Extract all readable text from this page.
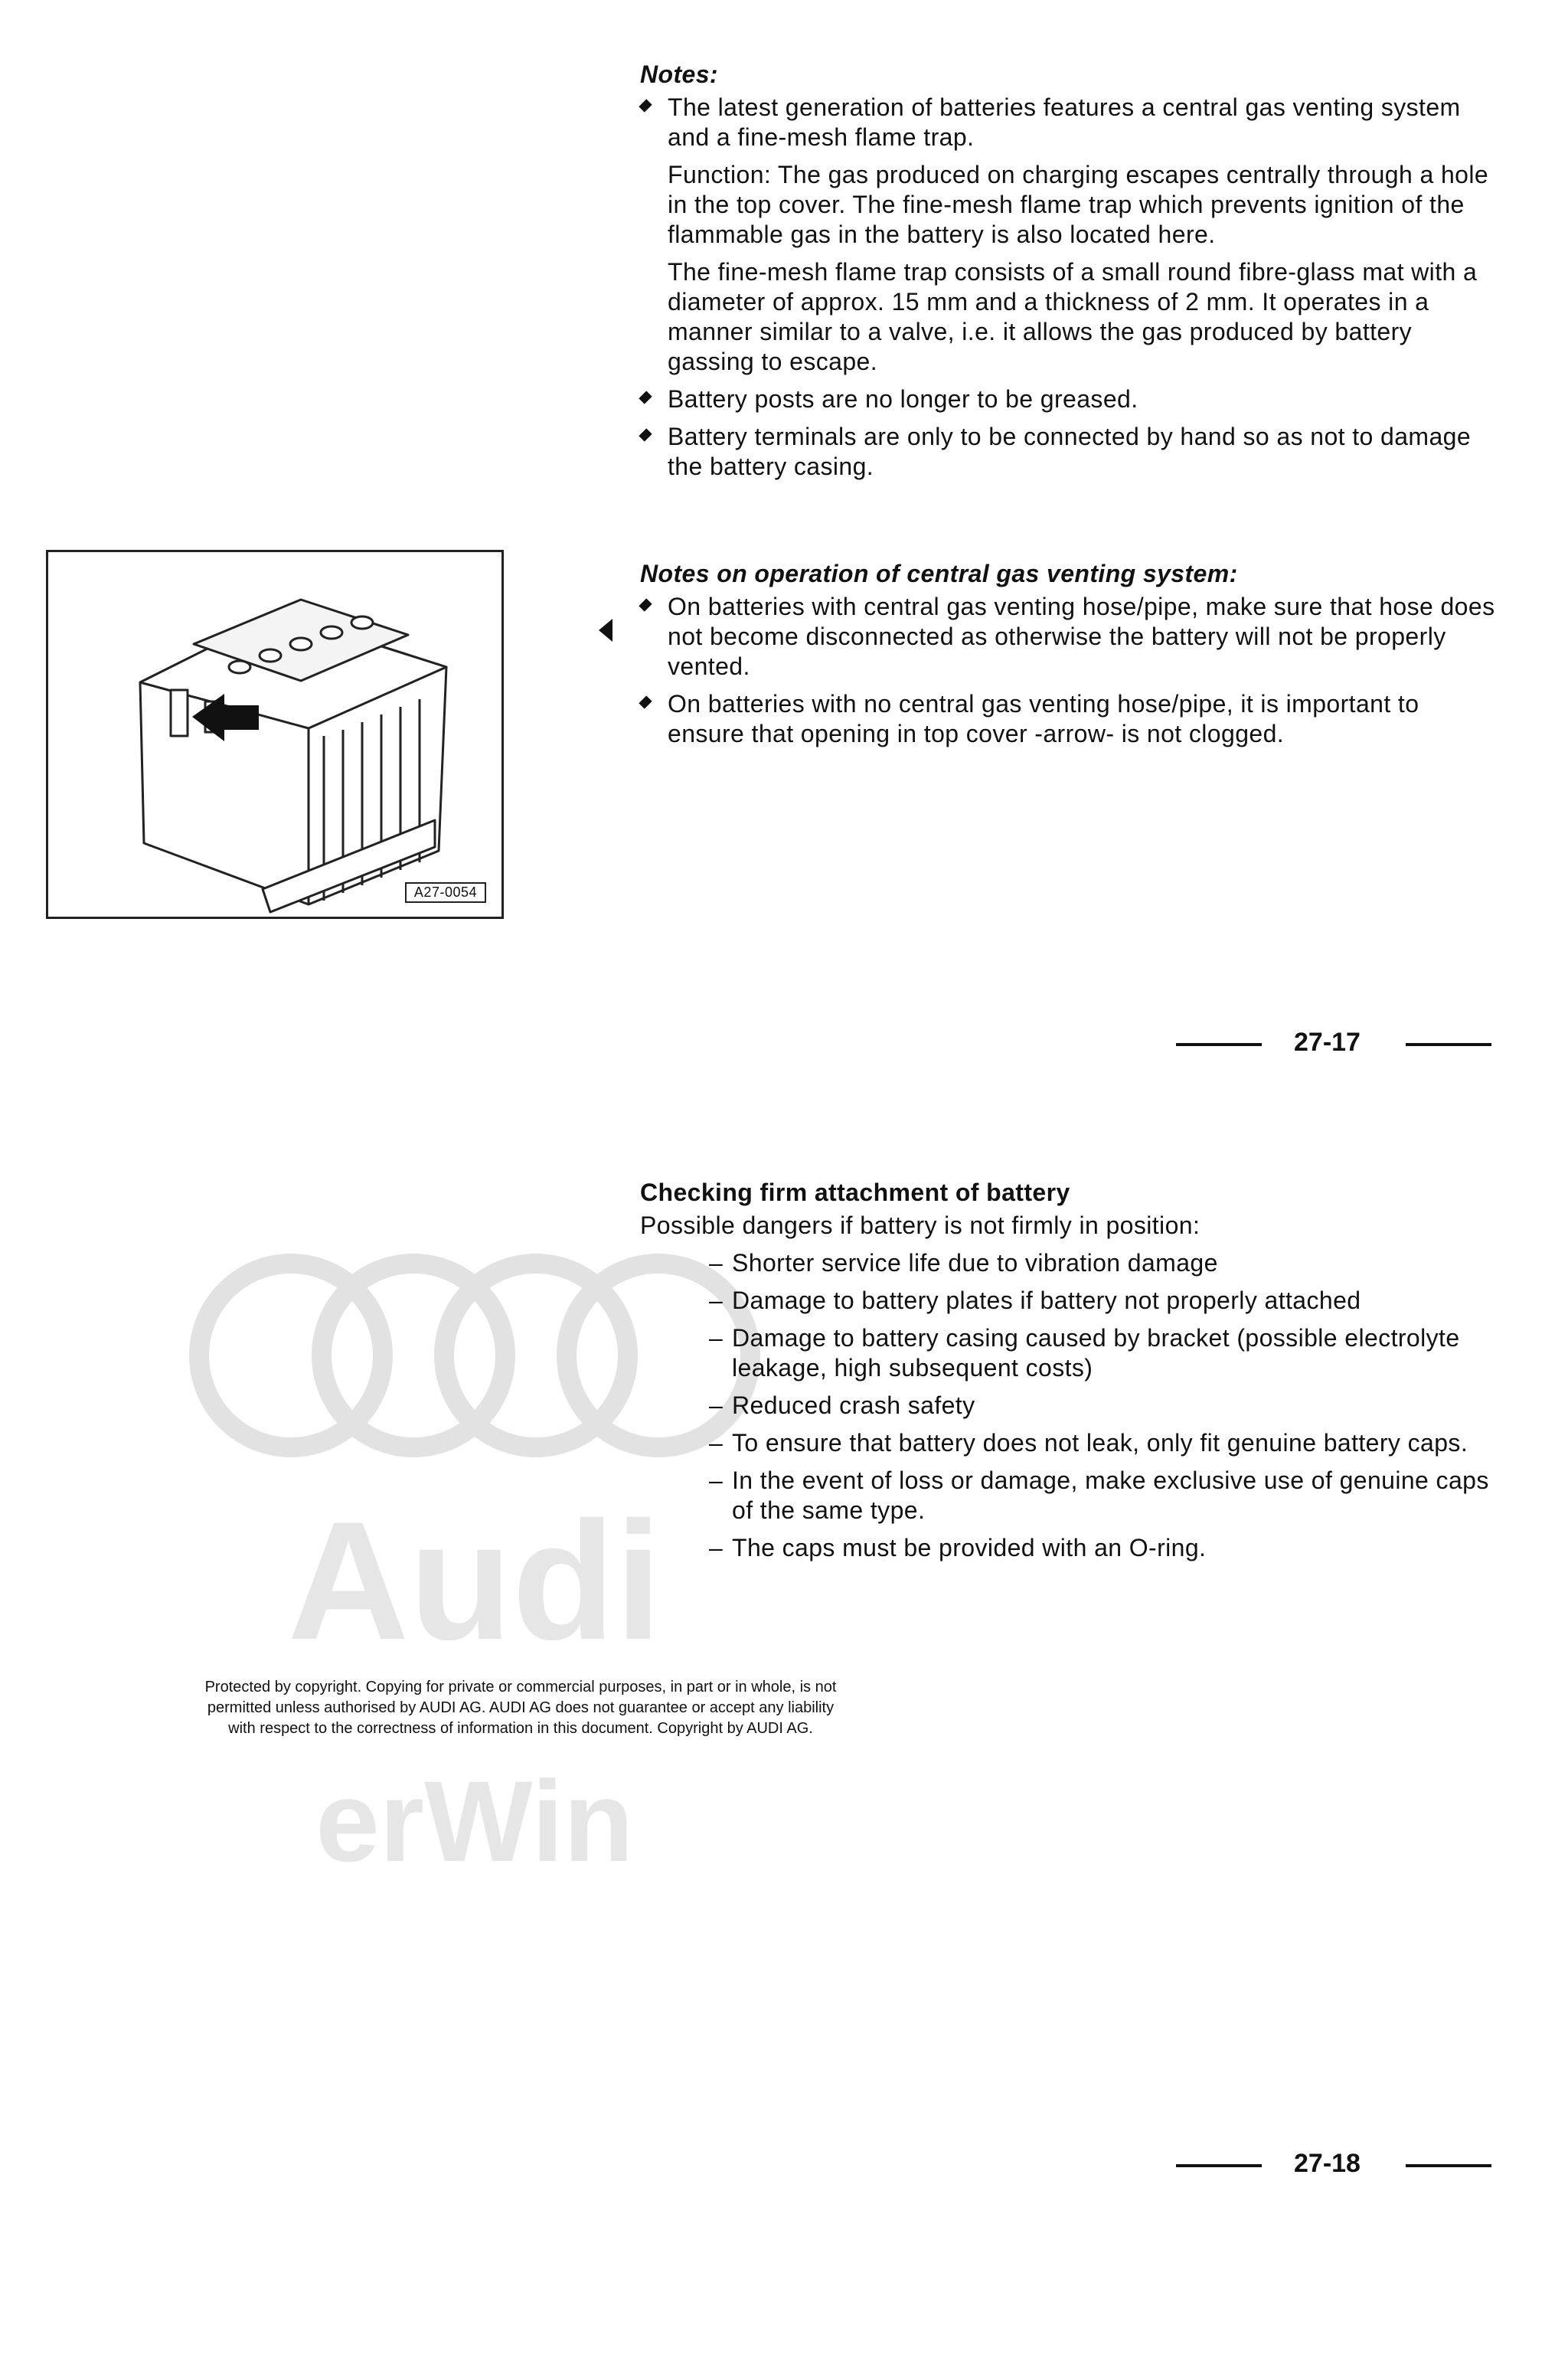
Audi
erWin
Notes:
The latest generation of batteries features a central gas venting system and a fine-mesh flame trap.
Function: The gas produced on charging escapes centrally through a hole in the top cover. The fine-mesh flame trap which prevents ignition of the flammable gas in the battery is also located here.
The fine-mesh flame trap consists of a small round fibre-glass mat with a diameter of approx. 15 mm and a thickness of 2 mm. It operates in a manner similar to a valve, i.e. it allows the gas produced by battery gassing to escape.
Battery posts are no longer to be greased.
Battery terminals are only to be connected by hand so as not to damage the battery casing.
A27-0054
Notes on operation of central gas venting system:
On batteries with central gas venting hose/pipe, make sure that hose does not become disconnected as otherwise the battery will not be properly vented.
On batteries with no central gas venting hose/pipe, it is important to ensure that opening in top cover -arrow- is not clogged.
27-17
Checking firm attachment of battery
Possible dangers if battery is not firmly in position:
– Shorter service life due to vibration damage
– Damage to battery plates if battery not properly attached
– Damage to battery casing caused by bracket (possible electrolyte leakage, high subsequent costs)
– Reduced crash safety
– To ensure that battery does not leak, only fit genuine battery caps.
– In the event of loss or damage, make exclusive use of genuine caps of the same type.
– The caps must be provided with an O-ring.
Protected by copyright. Copying for private or commercial purposes, in part or in whole, is not
permitted unless authorised by AUDI AG. AUDI AG does not guarantee or accept any liability
with respect to the correctness of information in this document. Copyright by AUDI AG.
27-18
